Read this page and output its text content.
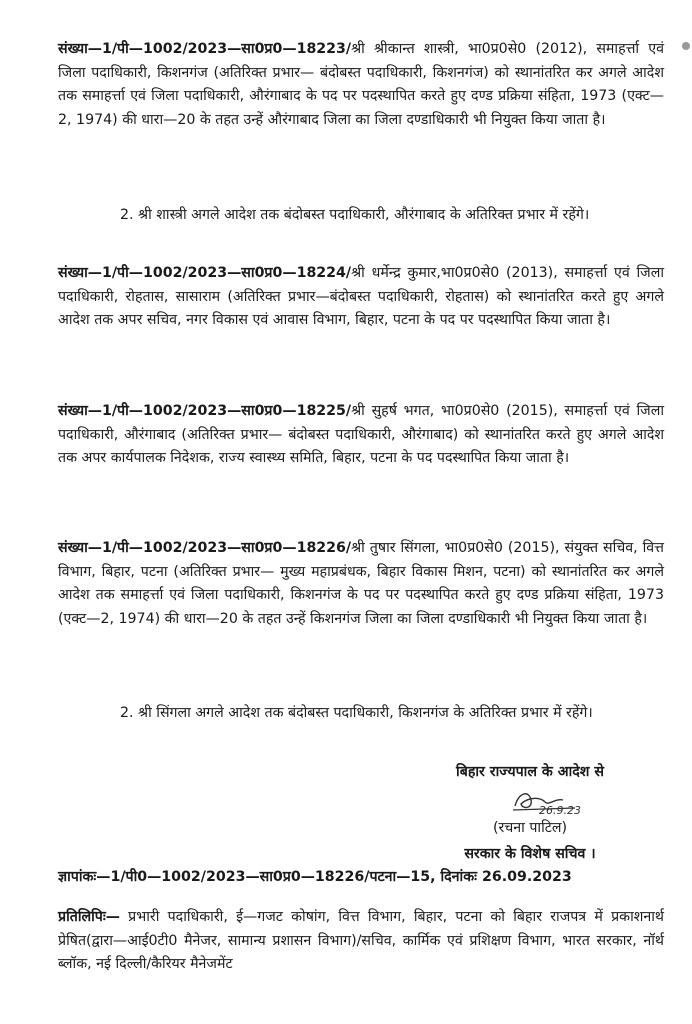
संख्या—1/पी—1002/2023—सा0प्र0—18223/श्री श्रीकान्त शास्त्री, भा0प्र0से0 (2012), समाहर्त्ता एवं जिला पदाधिकारी, किशनगंज (अतिरिक्त प्रभार— बंदोबस्त पदाधिकारी, किशनगंज) को स्थानांतरित कर अगले आदेश तक समाहर्त्ता एवं जिला पदाधिकारी, औरंगाबाद के पद पर पदस्थापित करते हुए दण्ड प्रक्रिया संहिता, 1973 (एक्ट—2, 1974) की धारा—20 के तहत उन्हें औरंगाबाद जिला का जिला दण्डाधिकारी भी नियुक्त किया जाता है।
2. श्री शास्त्री अगले आदेश तक बंदोबस्त पदाधिकारी, औरंगाबाद के अतिरिक्त प्रभार में रहेंगे।
संख्या—1/पी—1002/2023—सा0प्र0—18224/श्री धर्मेन्द्र कुमार,भा0प्र0से0 (2013), समाहर्त्ता एवं जिला पदाधिकारी, रोहतास, सासाराम (अतिरिक्त प्रभार—बंदोबस्त पदाधिकारी, रोहतास) को स्थानांतरित करते हुए अगले आदेश तक अपर सचिव, नगर विकास एवं आवास विभाग, बिहार, पटना के पद पर पदस्थापित किया जाता है।
संख्या—1/पी—1002/2023—सा0प्र0—18225/श्री सुहर्ष भगत, भा0प्र0से0 (2015), समाहर्त्ता एवं जिला पदाधिकारी, औरंगाबाद (अतिरिक्त प्रभार— बंदोबस्त पदाधिकारी, औरंगाबाद) को स्थानांतरित करते हुए अगले आदेश तक अपर कार्यपालक निदेशक, राज्य स्वास्थ्य समिति, बिहार, पटना के पद पदस्थापित किया जाता है।
संख्या—1/पी—1002/2023—सा0प्र0—18226/श्री तुषार सिंगला, भा0प्र0से0 (2015), संयुक्त सचिव, वित्त विभाग, बिहार, पटना (अतिरिक्त प्रभार— मुख्य महाप्रबंधक, बिहार विकास मिशन, पटना) को स्थानांतरित कर अगले आदेश तक समाहर्त्ता एवं जिला पदाधिकारी, किशनगंज के पद पर पदस्थापित करते हुए दण्ड प्रक्रिया संहिता, 1973 (एक्ट—2, 1974) की धारा—20 के तहत उन्हें किशनगंज जिला का जिला दण्डाधिकारी भी नियुक्त किया जाता है।
2. श्री सिंगला अगले आदेश तक बंदोबस्त पदाधिकारी, किशनगंज के अतिरिक्त प्रभार में रहेंगे।
बिहार राज्यपाल के आदेश से
26.9.23
(रचना पाटिल)
सरकार के विशेष सचिव ।
ज्ञापांकः—1/पी0—1002/2023—सा0प्र0—18226/पटना—15, दिनांकः 26.09.2023
प्रतिलिपिः— प्रभारी पदाधिकारी, ई—गजट कोषांग, वित्त विभाग, बिहार, पटना को बिहार राजपत्र में प्रकाशनार्थ प्रेषित(द्वारा—आई0टी0 मैनेजर, सामान्य प्रशासन विभाग)/सचिव, कार्मिक एवं प्रशिक्षण विभाग, भारत सरकार, नॉर्थ ब्लॉक, नई दिल्ली/कैरियर मैनेजमेंट
